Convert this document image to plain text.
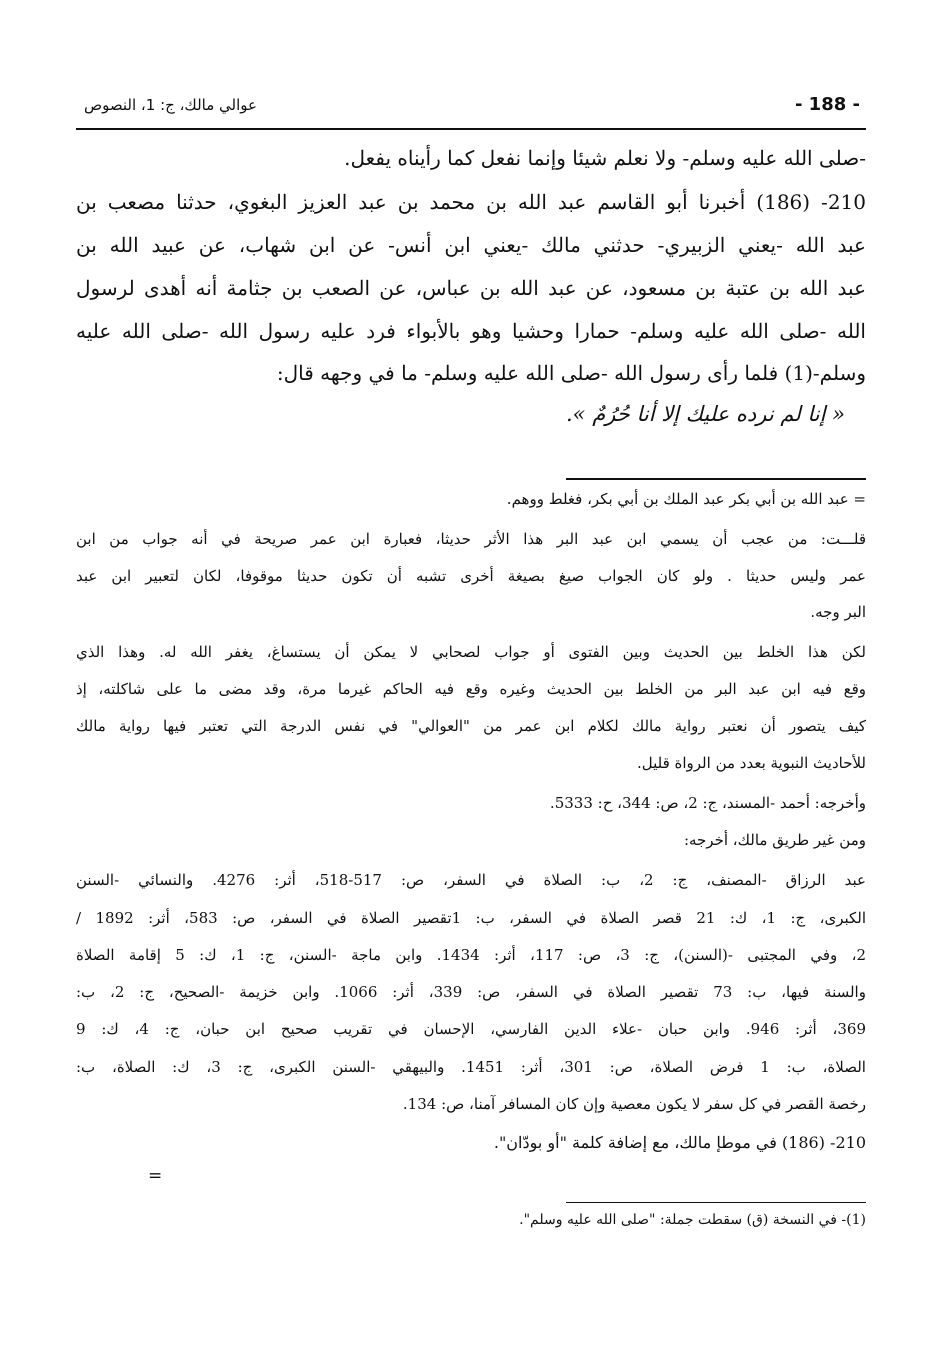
- 188 -
عوالي مالك، ج: 1، النصوص
-صلى الله عليه وسلم- ولا نعلم شيئا وإنما نفعل كما رأيناه يفعل.
210- (186) أخبرنا أبو القاسم عبد الله بن محمد بن عبد العزيز البغوي، حدثنا مصعب بن
عبد الله -يعني الزبيري- حدثني مالك -يعني ابن أنس- عن ابن شهاب، عن عبيد الله بن
عبد الله بن عتبة بن مسعود، عن عبد الله بن عباس، عن الصعب بن جثامة أنه أهدى لرسول
الله -صلى الله عليه وسلم- حمارا وحشيا وهو بالأبواء فرد عليه رسول الله -صلى الله عليه
وسلم-(1) فلما رأى رسول الله -صلى الله عليه وسلم- ما في وجهه قال:
« إنا لم نرده عليك إلا أنا حُرُمٌ ».
= عبد الله بن أبي بكر عبد الملك بن أبي بكر، فغلط ووهم.
قلـــت: من عجب أن يسمي ابن عبد البر هذا الأثر حديثا، فعبارة ابن عمر صريحة في أنه جواب من ابن
عمر وليس حديثا . ولو كان الجواب صيغ بصيغة أخرى تشبه أن تكون حديثا موقوفا، لكان لتعبير ابن عبد
البر وجه.
لكن هذا الخلط بين الحديث وبين الفتوى أو جواب لصحابي لا يمكن أن يستساغ، يغفر الله له. وهذا الذي
وقع فيه ابن عبد البر من الخلط بين الحديث وغيره وقع فيه الحاكم غيرما مرة، وقد مضى ما على شاكلته، إذ
كيف يتصور أن نعتبر رواية مالك لكلام ابن عمر من "العوالي" في نفس الدرجة التي تعتبر فيها رواية مالك
للأحاديث النبوية بعدد من الرواة قليل.
وأخرجه: أحمد -المسند، ج: 2، ص: 344، ح: 5333.
ومن غير طريق مالك، أخرجه:
عبد الرزاق -المصنف، ج: 2، ب: الصلاة في السفر، ص: 517-518، أثر: 4276. والنسائي -السنن
الكبرى، ج: 1، ك: 21 قصر الصلاة في السفر، ب: 1تقصير الصلاة في السفر، ص: 583، أثر: 1892 /
2، وفي المجتبى -(السنن)، ج: 3، ص: 117، أثر: 1434. وابن ماجة -السنن، ج: 1، ك: 5 إقامة الصلاة
والسنة فيها، ب: 73 تقصير الصلاة في السفر، ص: 339، أثر: 1066. وابن خزيمة -الصحيح، ج: 2، ب:
369، أثر: 946. وابن حبان -علاء الدين الفارسي، الإحسان في تقريب صحيح ابن حبان، ج: 4، ك: 9
الصلاة، ب: 1 فرض الصلاة، ص: 301، أثر: 1451. والبيهقي -السنن الكبرى، ج: 3، ك: الصلاة، ب:
رخصة القصر في كل سفر لا يكون معصية وإن كان المسافر آمنا، ص: 134.
210- (186) في موطإ مالك، مع إضافة كلمة "أو بودّان".
=
(1)- في النسخة (ق) سقطت جملة: "صلى الله عليه وسلم".
